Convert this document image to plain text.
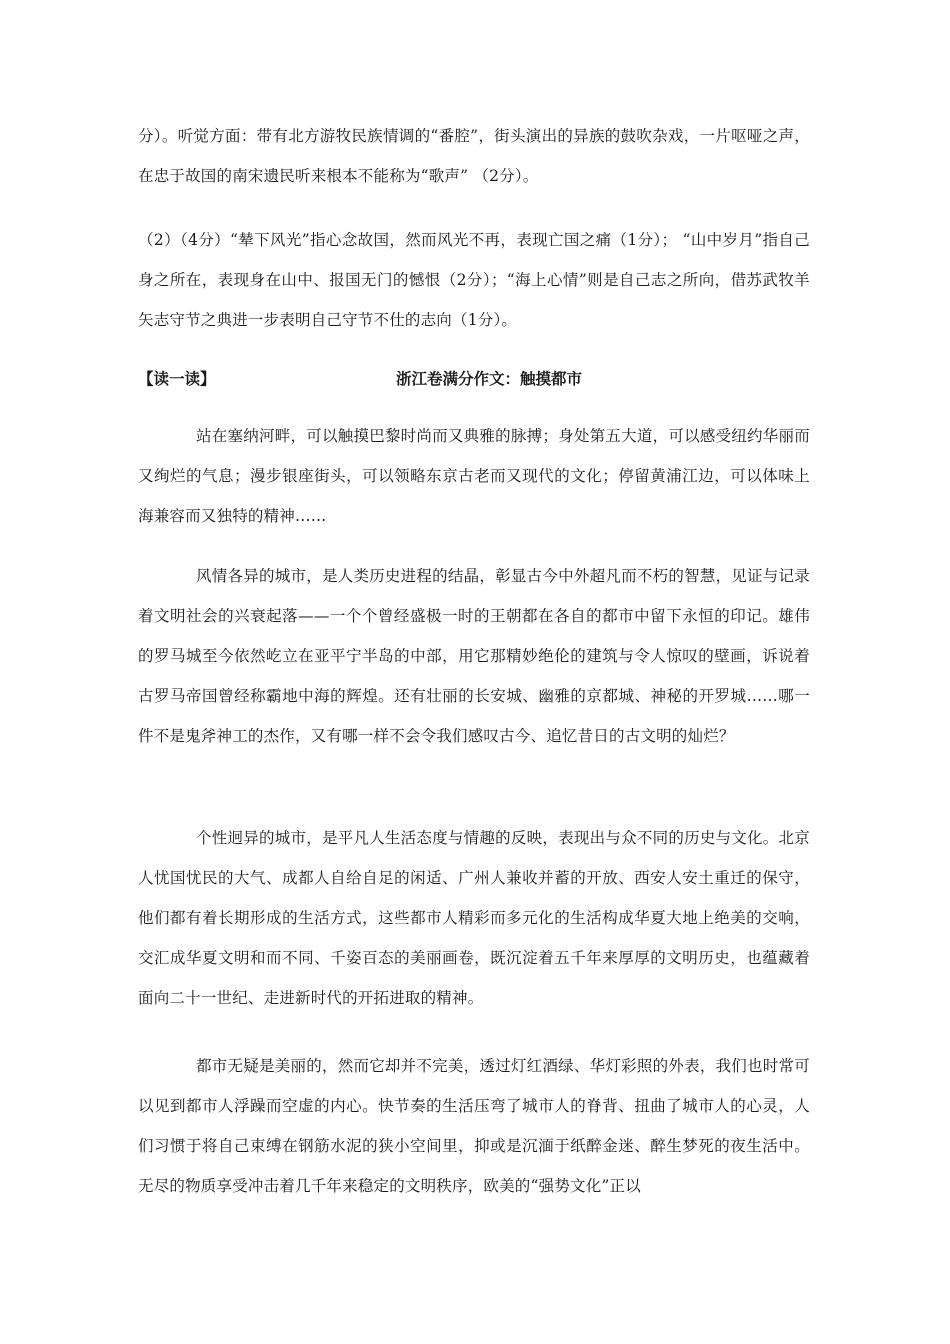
分）。听觉方面：带有北方游牧民族情调的“番腔”，街头演出的异族的鼓吹杂戏，一片呕哑之声，在忠于故国的南宋遗民听来根本不能称为“歌声” （2分）。

（2）（4分）“辇下风光”指心念故国，然而风光不再，表现亡国之痛（1分）； “山中岁月”指自己身之所在，表现身在山中、报国无门的憾恨（2分）；“海上心情”则是自己志之所向，借苏武牧羊矢志守节之典进一步表明自己守节不仕的志向（1分）。

【读一读】	浙江卷满分作文：触摸都市

站在塞纳河畔，可以触摸巴黎时尚而又典雅的脉搏；身处第五大道，可以感受纽约华丽而又绚烂的气息；漫步银座街头，可以领略东京古老而又现代的文化；停留黄浦江边，可以体味上海兼容而又独特的精神……

风情各异的城市，是人类历史进程的结晶，彰显古今中外超凡而不朽的智慧，见证与记录着文明社会的兴衰起落——一个个曾经盛极一时的王朝都在各自的都市中留下永恒的印记。雄伟的罗马城至今依然屹立在亚平宁半岛的中部，用它那精妙绝伦的建筑与令人惊叹的壁画，诉说着古罗马帝国曾经称霸地中海的辉煌。还有壮丽的长安城、幽雅的京都城、神秘的开罗城……哪一件不是鬼斧神工的杰作，又有哪一样不会令我们感叹古今、追忆昔日的古文明的灿烂？

个性迥异的城市，是平凡人生活态度与情趣的反映，表现出与众不同的历史与文化。北京人忧国忧民的大气、成都人自给自足的闲适、广州人兼收并蓄的开放、西安人安土重迁的保守，他们都有着长期形成的生活方式，这些都市人精彩而多元化的生活构成华夏大地上绝美的交响，交汇成华夏文明和而不同、千姿百态的美丽画卷，既沉淀着五千年来厚厚的文明历史，也蕴藏着面向二十一世纪、走进新时代的开拓进取的精神。

都市无疑是美丽的，然而它却并不完美，透过灯红酒绿、华灯彩照的外表，我们也时常可以见到都市人浮躁而空虚的内心。快节奏的生活压弯了城市人的脊背、扭曲了城市人的心灵，人们习惯于将自己束缚在钢筋水泥的狭小空间里，抑或是沉湎于纸醉金迷、醉生梦死的夜生活中。无尽的物质享受冲击着几千年来稳定的文明秩序，欧美的“强势文化”正以
